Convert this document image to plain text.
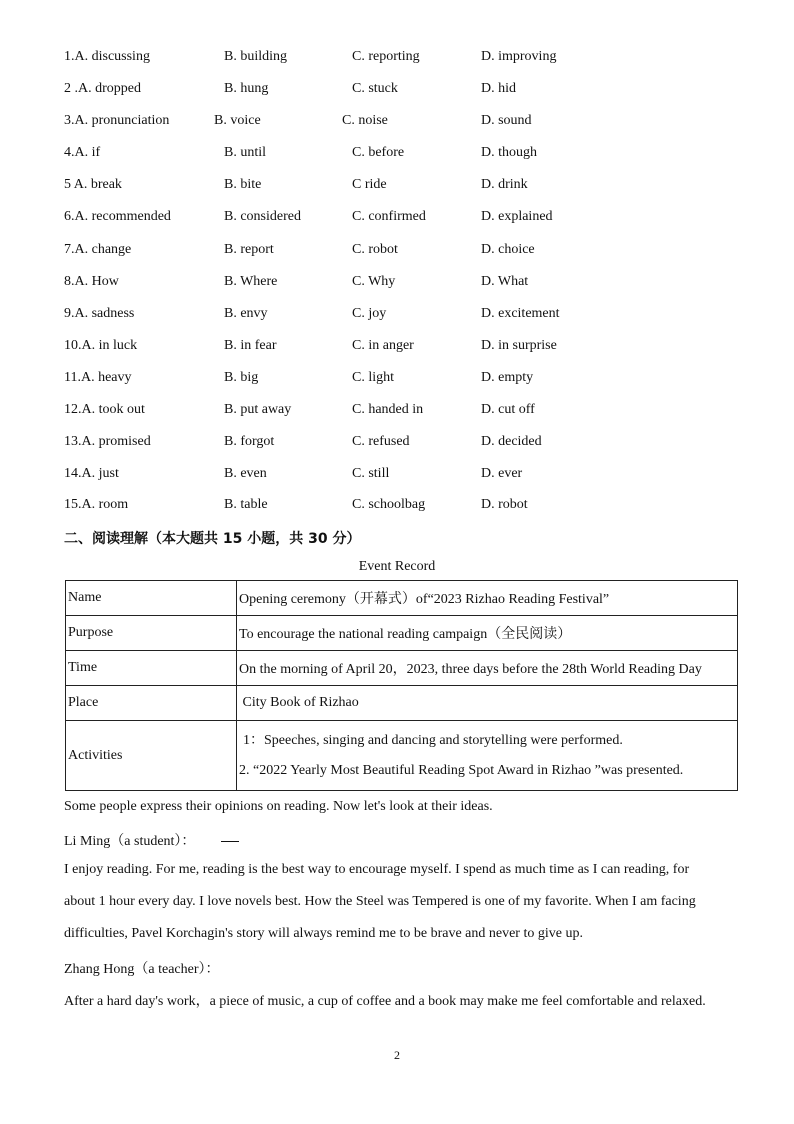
1.A. discussing	B. building	C. reporting	D. improving
2 .A. dropped	B. hung	C. stuck	D. hid
3.A. pronunciation	B. voice	C. noise	D. sound
4.A. if	B. until	C. before	D. though
5 A. break	B. bite	C ride	D. drink
6.A. recommended	B. considered	C. confirmed	D. explained
7.A. change	B. report	C. robot	D. choice
8.A. How	B. Where	C. Why	D. What
9.A. sadness	B. envy	C. joy	D. excitement
10.A. in luck	B. in fear	C. in anger	D. in surprise
11.A. heavy	B. big	C. light	D. empty
12.A. took out	B. put away	C. handed in	D. cut off
13.A. promised	B. forgot	C. refused	D. decided
14.A. just	B. even	C. still	D. ever
15.A. room	B. table	C. schoolbag	D. robot
二、阅读理解（本大题共 15 小题，共 30 分）
Event Record
Name	Opening ceremony（开幕式）of“2023 Rizhao Reading Festival”
Purpose	To encourage the national reading campaign（全民阅读）
Time	On the morning of April 20，2023, three days before the 28th World Reading Day
Place	City Book of Rizhao
Activities	1：Speeches, singing and dancing and storytelling were performed.
2. “2022 Yearly Most Beautiful Reading Spot Award in Rizhao ”was presented.
Some people express their opinions on reading. Now let's look at their ideas.
Li Ming（a student）：
I enjoy reading. For me, reading is the best way to encourage myself. I spend as much time as I can reading, for
about 1 hour every day. I love novels best. How the Steel was Tempered is one of my favorite. When I am facing
difficulties, Pavel Korchagin's story will always remind me to be brave and never to give up.
Zhang Hong（a teacher）：
After a hard day's work，a piece of music, a cup of coffee and a book may make me feel comfortable and relaxed.
2
